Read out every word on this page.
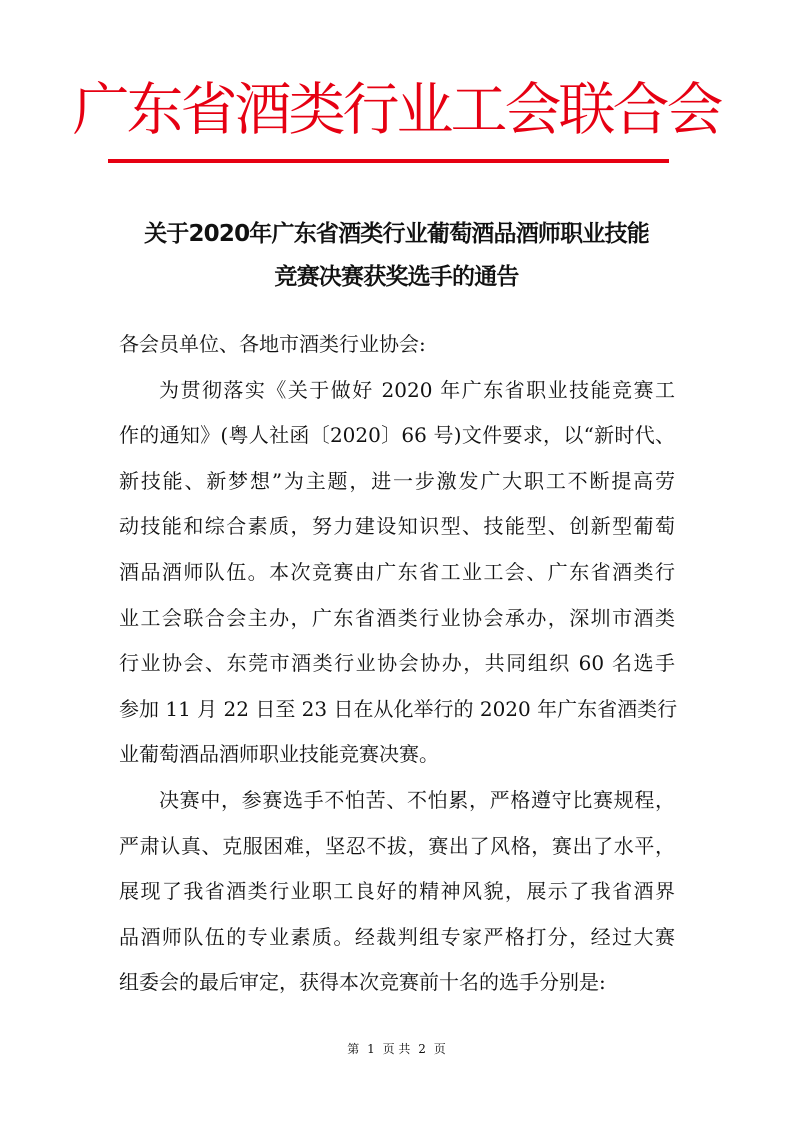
广东省酒类行业工会联合会
关于2020年广东省酒类行业葡萄酒品酒师职业技能
竞赛决赛获奖选手的通告

各会员单位、各地市酒类行业协会:

为贯彻落实《关于做好 2020 年广东省职业技能竞赛工
作的通知》(粤人社函〔2020〕66 号)文件要求，以“新时代、
新技能、新梦想”为主题，进一步激发广大职工不断提高劳
动技能和综合素质，努力建设知识型、技能型、创新型葡萄
酒品酒师队伍。本次竞赛由广东省工业工会、广东省酒类行
业工会联合会主办，广东省酒类行业协会承办，深圳市酒类
行业协会、东莞市酒类行业协会协办，共同组织 60 名选手
参加 11 月 22 日至 23 日在从化举行的 2020 年广东省酒类行
业葡萄酒品酒师职业技能竞赛决赛。
决赛中，参赛选手不怕苦、不怕累，严格遵守比赛规程，
严肃认真、克服困难，坚忍不拔，赛出了风格，赛出了水平，
展现了我省酒类行业职工良好的精神风貌，展示了我省酒界
品酒师队伍的专业素质。经裁判组专家严格打分，经过大赛
组委会的最后审定，获得本次竞赛前十名的选手分别是:
第 1 页 共 2 页
